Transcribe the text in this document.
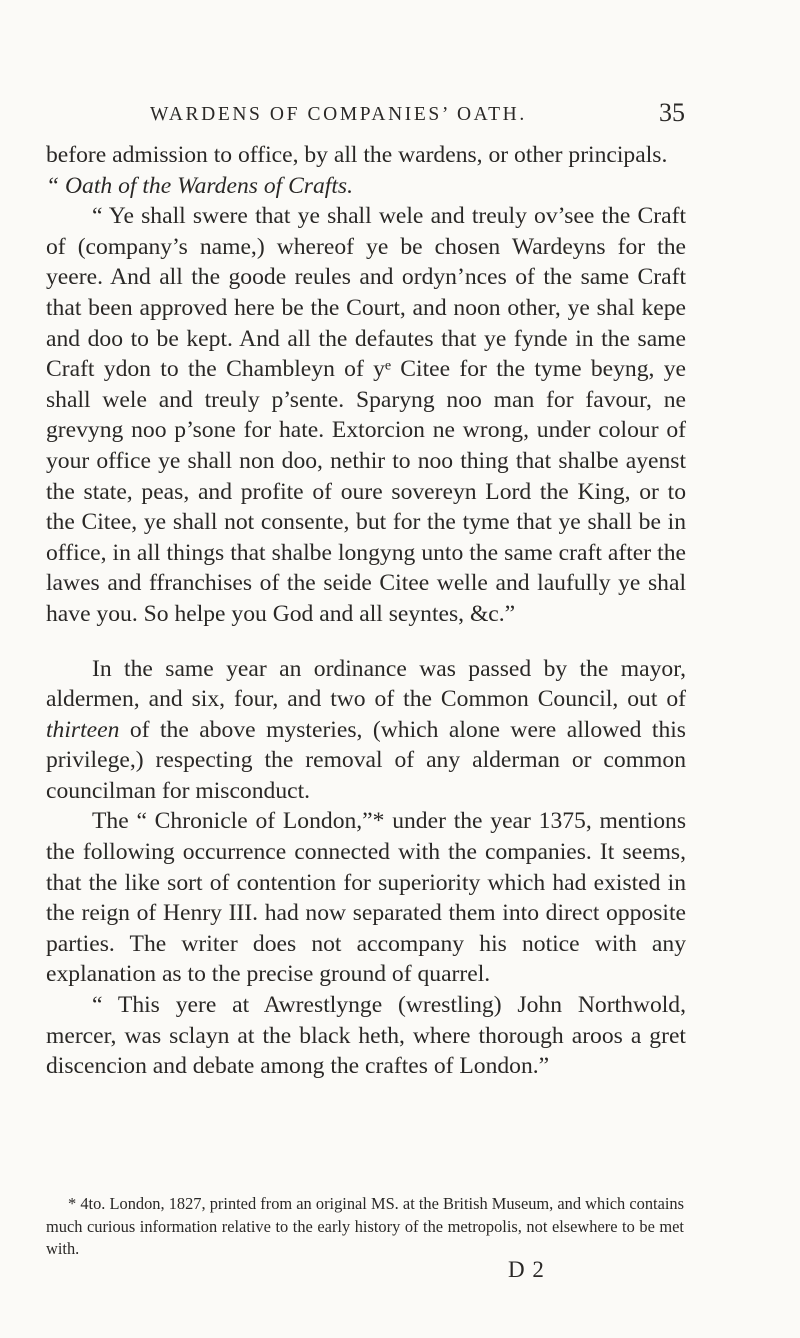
WARDENS OF COMPANIES’ OATH.	35

before admission to office, by all the wardens, or other principals.

“ Oath of the Wardens of Crafts.

“ Ye shall swere that ye shall wele and treuly ov’see the Craft of (company’s name,) whereof ye be chosen Wardeyns for the yeere. And all the goode reules and ordyn’nces of the same Craft that been approved here be the Court, and noon other, ye shal kepe and doo to be kept. And all the defautes that ye fynde in the same Craft ydon to the Chambleyn of yᵉ Citee for the tyme beyng, ye shall wele and treuly p’sente. Sparyng noo man for favour, ne grevyng noo p’sone for hate. Extorcion ne wrong, under colour of your office ye shall non doo, nethir to noo thing that shalbe ayenst the state, peas, and profite of oure sovereyn Lord the King, or to the Citee, ye shall not consente, but for the tyme that ye shall be in office, in all things that shalbe longyng unto the same craft after the lawes and ffranchises of the seide Citee welle and laufully ye shal have you. So helpe you God and all seyntes, &c.”

In the same year an ordinance was passed by the mayor, aldermen, and six, four, and two of the Common Council, out of thirteen of the above mysteries, (which alone were allowed this privilege,) respecting the removal of any alderman or common councilman for misconduct.

The “ Chronicle of London,”* under the year 1375, mentions the following occurrence connected with the companies. It seems, that the like sort of contention for superiority which had existed in the reign of Henry III. had now separated them into direct opposite parties. The writer does not accompany his notice with any explanation as to the precise ground of quarrel.

“ This yere at Awrestlynge (wrestling) John Northwold, mercer, was sclayn at the black heth, where thorough aroos a gret discencion and debate among the craftes of London.”

* 4to. London, 1827, printed from an original MS. at the British Museum, and which contains much curious information relative to the early history of the metropolis, not elsewhere to be met with.

D 2
